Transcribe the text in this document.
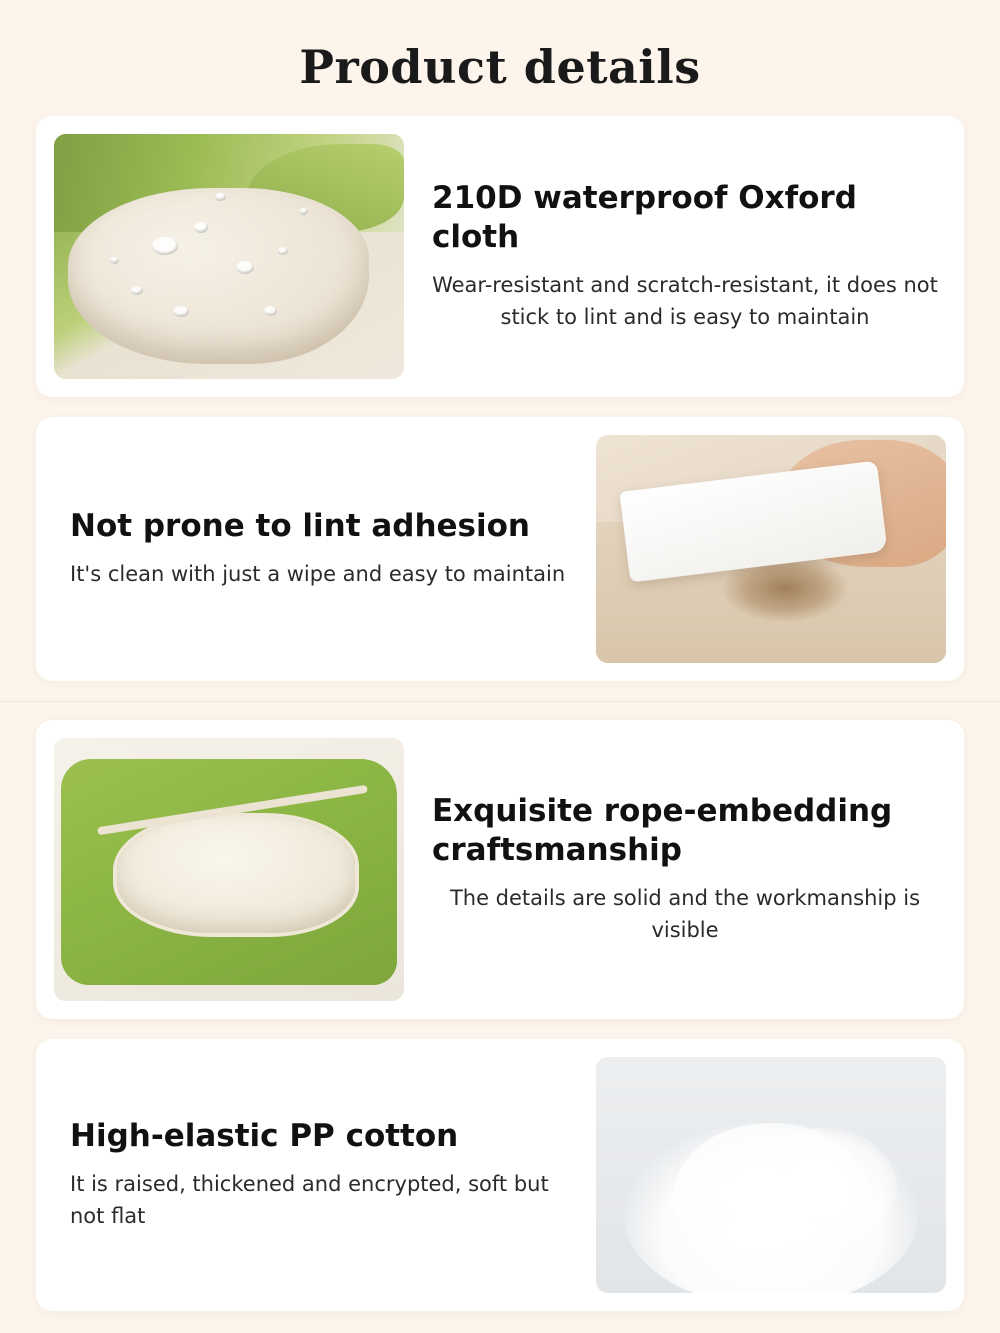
Product details
210D waterproof Oxford cloth
Wear-resistant and scratch-resistant, it does not stick to lint and is easy to maintain
Not prone to lint adhesion
It's clean with just a wipe and easy to maintain
Exquisite rope-embedding craftsmanship
The details are solid and the workmanship is visible
High-elastic PP cotton
It is raised, thickened and encrypted, soft but not flat
